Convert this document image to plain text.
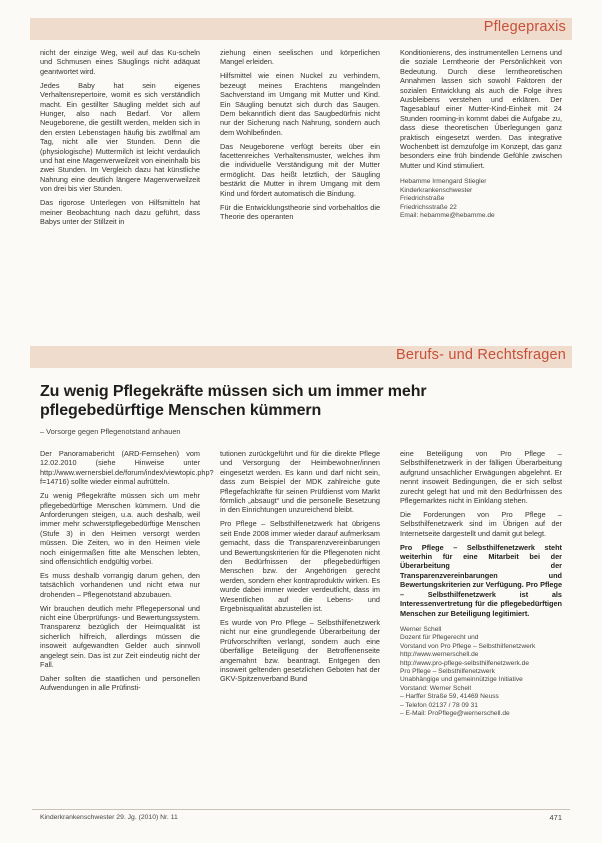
Pflegepraxis

nicht der einzige Weg, weil auf das Ku-scheln und Schmusen eines Säuglings nicht adäquat geantwortet wird.

Jedes Baby hat sein eigenes Verhaltensrepertoire, womit es sich verständlich macht. Ein gestillter Säugling meldet sich auf Hunger, also nach Bedarf. Vor allem Neugeborene, die gestillt werden, melden sich in den ersten Lebenstagen häufig bis zwölfmal am Tag, nicht alle vier Stunden. Denn die (physiologische) Muttermilch ist leicht verdaulich und hat eine Magenverweilzeit von eineinhalb bis zwei Stunden. Im Vergleich dazu hat künstliche Nahrung eine deutlich längere Magenverweilzeit von drei bis vier Stunden.

Das rigorose Unterlegen von Hilfsmitteln hat meiner Beobachtung nach dazu geführt, dass Babys unter der Stillzeit in

ziehung einen seelischen und körperlichen Mangel erleiden.

Hilfsmittel wie einen Nuckel zu verhindern, bezeugt meines Erachtens mangelnden Sachverstand im Umgang mit Mutter und Kind. Ein Säugling benutzt sich durch das Saugen. Dem bekanntlich dient das Saugbedürfnis nicht nur der Sicherung nach Nahrung, sondern auch dem Wohlbefinden.

Das Neugeborene verfügt bereits über ein facettenreiches Verhaltensmuster, welches ihm die individuelle Verständigung mit der Mutter ermöglicht. Das heißt letztlich, der Säugling bestärkt die Mutter in ihrem Umgang mit dem Kind und fördert automatisch die Bindung.

Für die Entwicklungstheorie sind vorbehaltlos die Theorie des operanten

Konditionierens, des instrumentellen Lernens und die soziale Lerntheorie der Persönlichkeit von Bedeutung. Durch diese lerntheoretischen Annahmen lassen sich sowohl Faktoren der sozialen Entwicklung als auch die Folge ihres Ausbleibens verstehen und erklären. Der Tagesablauf einer Mutter-Kind-Einheit mit 24 Stunden rooming-in kommt dabei die Aufgabe zu, dass diese theoretischen Überlegungen ganz praktisch eingesetzt werden. Das integrative Wochenbett ist demzufolge im Konzept, das ganz besonders eine früh bindende Gefühle zwischen Mutter und Kind stimuliert.

Hebamme Irmengard Stiegler
Kinderkrankenschwester
Friedrichstraße
Friedrichsstraße 22
Email: hebamme@hebamme.de
Berufs- und Rechtsfragen
Zu wenig Pflegekräfte müssen sich um immer mehr
pflegebedürftige Menschen kümmern
– Vorsorge gegen Pflegenotstand anhauen

Der Panoramabericht (ARD-Fernsehen) vom 12.02.2010 (siehe Hinweise unter http://www.wernersbiel.de/forum/index/viewtopic.php?f=14716) sollte wieder einmal aufrütteln.

Zu wenig Pflegekräfte müssen sich um mehr pflegebedürftige Menschen kümmern. Und die Anforderungen steigen, u.a. auch deshalb, weil immer mehr schwerstpflegebedürftige Menschen (Stufe 3) in den Heimen versorgt werden müssen. Die Zeiten, wo in den Heimen viele noch einigermaßen fitte alte Menschen lebten, sind offensichtlich endgültig vorbei.

Es muss deshalb vorrangig darum gehen, den tatsächlich vorhandenen und nicht etwa nur drohenden – Pflegenotstand abzubauen.

Wir brauchen deutlich mehr Pflegepersonal und nicht eine Überprüfungs- und Bewertungssystem. Transparenz bezüglich der Heimqualität ist sicherlich hilfreich, allerdings müssen die insoweit aufgewandten Gelder auch sinnvoll angelegt sein. Das ist zur Zeit eindeutig nicht der Fall.

Daher sollten die staatlichen und personellen Aufwendungen in alle Prüfinsti-

tutionen zurückgeführt und für die direkte Pflege und Versorgung der Heimbewohner/innen eingesetzt werden. Es kann und darf nicht sein, dass zum Beispiel der MDK zahlreiche gute Pflegefachkräfte für seinen Prüfdienst vom Markt förmlich „absaugt“ und die personelle Besetzung in den Einrichtungen unzureichend bleibt.

Pro Pflege – Selbsthilfenetzwerk hat übrigens seit Ende 2008 immer wieder darauf aufmerksam gemacht, dass die Transparenzvereinbarungen und Bewertungskriterien für die Pflegenoten nicht den Bedürfnissen der pflegebedürftigen Menschen bzw. der Angehörigen gerecht werden, sondern eher kontraproduktiv wirken. Es wurde dabei immer wieder verdeutlicht, dass im Wesentlichen auf die Lebens- und Ergebnisqualität abzustellen ist.

Es wurde von Pro Pflege – Selbsthilfenetzwerk nicht nur eine grundlegende Überarbeitung der Prüfvorschriften verlangt, sondern auch eine überfällige Beteiligung der Betroffenenseite angemahnt bzw. beantragt. Entgegen den insoweit geltenden gesetzlichen Geboten hat der GKV-Spitzenverband Bund

eine Beteiligung von Pro Pflege – Selbsthilfenetzwerk in der fälligen Überarbeitung aufgrund unsachlicher Erwägungen abgelehnt. Er nennt insoweit Bedingungen, die er sich selbst zurecht gelegt hat und mit den Bedürfnissen des Pflegemarktes nicht in Einklang stehen.

Die Forderungen von Pro Pflege – Selbsthilfenetzwerk sind im Übrigen auf der Internetseite dargestellt und damit gut belegt.

Pro Pflege – Selbsthilfenetzwerk steht weiterhin für eine Mitarbeit bei der Überarbeitung der Transparenzvereinbarungen und Bewertungskriterien zur Verfügung. Pro Pflege – Selbsthilfenetzwerk ist als Interessenvertretung für die pflegebedürftigen Menschen zur Beteiligung legitimiert.

Werner Schell
Dozent für Pflegerecht und
Vorstand von Pro Pflege – Selbsthilfenetzwerk
http://www.wernerschell.de
http://www.pro-pflege-selbsthilfenetzwerk.de
Pro Pflege – Selbsthilfenetzwerk
Unabhängige und gemeinnützige Initiative
Vorstand: Werner Schell
– Harffer Straße 59, 41469 Neuss
– Telefon 02137 / 78 09 31
– E-Mail: ProPflege@wernerschell.de
Kinderkrankenschwester 29. Jg. (2010) Nr. 11	471
